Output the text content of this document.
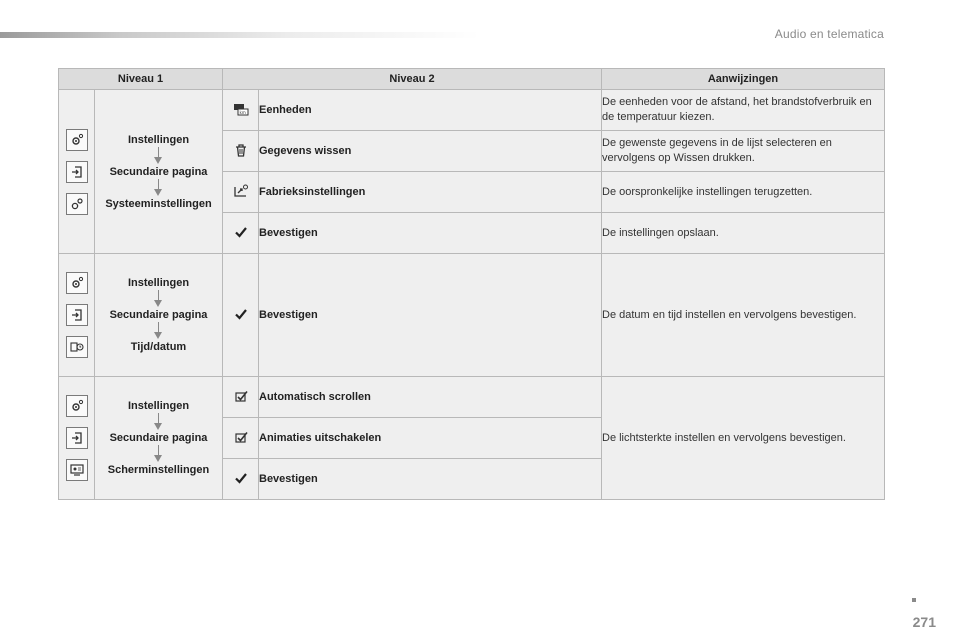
Audio en telematica
Niveau 1		Niveau 2		Aanwijzingen

Instellingen
Secundaire pagina
Systeeminstellingen	km	Eenheden	De eenheden voor de afstand, het brandstofverbruik en de temperatuur kiezen.
	Gegevens wissen	De gewenste gegevens in de lijst selecteren en vervolgens op Wissen drukken.
	Fabrieksinstellingen	De oorspronkelijke instellingen terugzetten.
	Bevestigen	De instellingen opslaan.

Instellingen
Secundaire pagina
Tijd/datum		Bevestigen	De datum en tijd instellen en vervolgens bevestigen.

Instellingen
Secundaire pagina
Scherminstellingen		Automatisch scrollen	De lichtsterkte instellen en vervolgens bevestigen.
	Animaties uitschakelen	
	Bevestigen	
271
